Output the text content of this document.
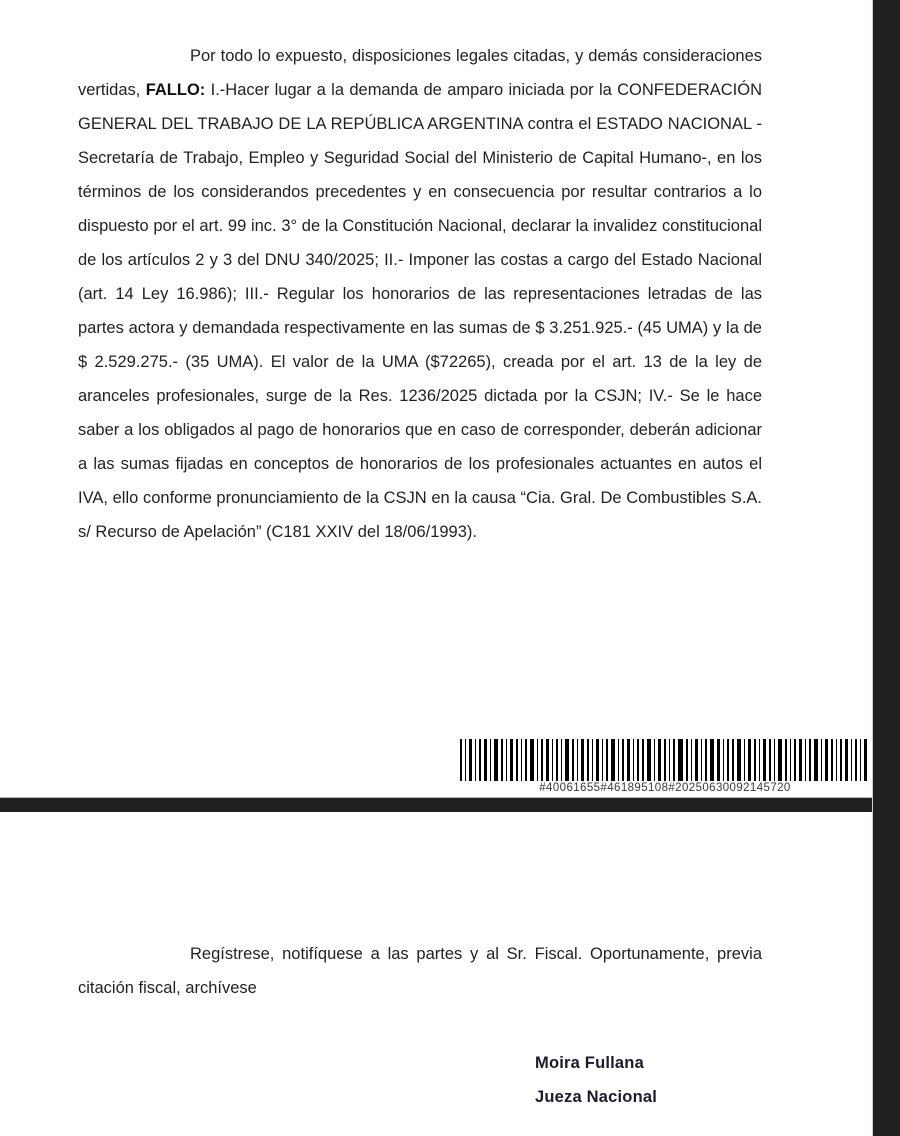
Por todo lo expuesto, disposiciones legales citadas, y demás consideraciones vertidas, FALLO: I.-Hacer lugar a la demanda de amparo iniciada por la CONFEDERACIÓN GENERAL DEL TRABAJO DE LA REPÚBLICA ARGENTINA contra el ESTADO NACIONAL -Secretaría de Trabajo, Empleo y Seguridad Social del Ministerio de Capital Humano-, en los términos de los considerandos precedentes y en consecuencia por resultar contrarios a lo dispuesto por el art. 99 inc. 3° de la Constitución Nacional, declarar la invalidez constitucional de los artículos 2 y 3 del DNU 340/2025; II.- Imponer las costas a cargo del Estado Nacional (art. 14 Ley 16.986); III.- Regular los honorarios de las representaciones letradas de las partes actora y demandada respectivamente en las sumas de $ 3.251.925.- (45 UMA) y la de $ 2.529.275.- (35 UMA). El valor de la UMA ($72265), creada por el art. 13 de la ley de aranceles profesionales, surge de la Res. 1236/2025 dictada por la CSJN; IV.- Se le hace saber a los obligados al pago de honorarios que en caso de corresponder, deberán adicionar a las sumas fijadas en conceptos de honorarios de los profesionales actuantes en autos el IVA, ello conforme pronunciamiento de la CSJN en la causa “Cia. Gral. De Combustibles S.A. s/ Recurso de Apelación” (C181 XXIV del 18/06/1993).

#40061655#461895108#20250630092145720

Regístrese, notifíquese a las partes y al Sr. Fiscal. Oportunamente, previa citación fiscal, archívese

Moira Fullana
Jueza Nacional
